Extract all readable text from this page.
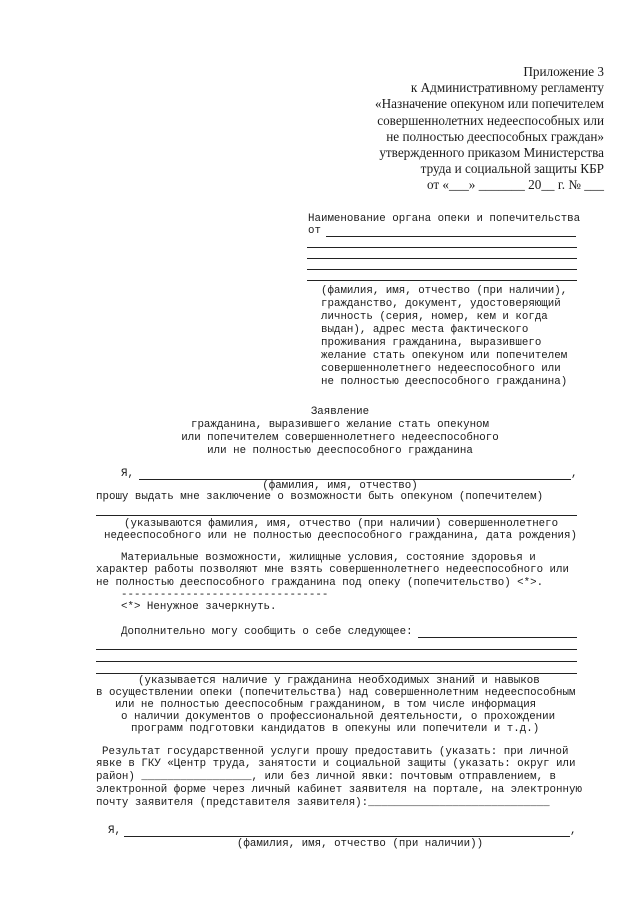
Приложение 3
к Административному регламенту
«Назначение опекуном или попечителем
совершеннолетних недееспособных или
не полностью дееспособных граждан»
утвержденного приказом Министерства
труда и социальной защиты КБР
от «___» _______ 20__ г. № ___
Наименование органа опеки и попечительства
от
(фамилия, имя, отчество (при наличии),
гражданство, документ, удостоверяющий
личность (серия, номер, кем и когда
выдан), адрес места фактического
проживания гражданина, выразившего
желание стать опекуном или попечителем
совершеннолетнего недееспособного или
не полностью дееспособного гражданина)
Заявление
гражданина, выразившего желание стать опекуном
или попечителем совершеннолетнего недееспособного
или не полностью дееспособного гражданина
Я,	,
(фамилия, имя, отчество)
прошу выдать мне заключение о возможности быть опекуном (попечителем)
(указываются фамилия, имя, отчество (при наличии) совершеннолетнего
недееспособного или не полностью дееспособного гражданина, дата рождения)
Материальные возможности, жилищные условия, состояние здоровья и
характер работы позволяют мне взять совершеннолетнего недееспособного или
не полностью дееспособного гражданина под опеку (попечительство) <*>.
--------------------------------
<*> Ненужное зачеркнуть.
Дополнительно могу сообщить о себе следующее:
(указывается наличие у гражданина необходимых знаний и навыков
в осуществлении опеки (попечительства) над совершеннолетним недееспособным
или не полностью дееспособным гражданином, в том числе информация
о наличии документов о профессиональной деятельности, о прохождении
программ подготовки кандидатов в опекуны или попечители и т.д.)
Результат государственной услуги прошу предоставить (указать: при личной
явке в ГКУ «Центр труда, занятости и социальной защиты (указать: округ или
район) _________________, или без личной явки: почтовым отправлением, в
электронной форме через личный кабинет заявителя на портале, на электронную
почту заявителя (представителя заявителя):____________________________
Я,	,
(фамилия, имя, отчество (при наличии))
